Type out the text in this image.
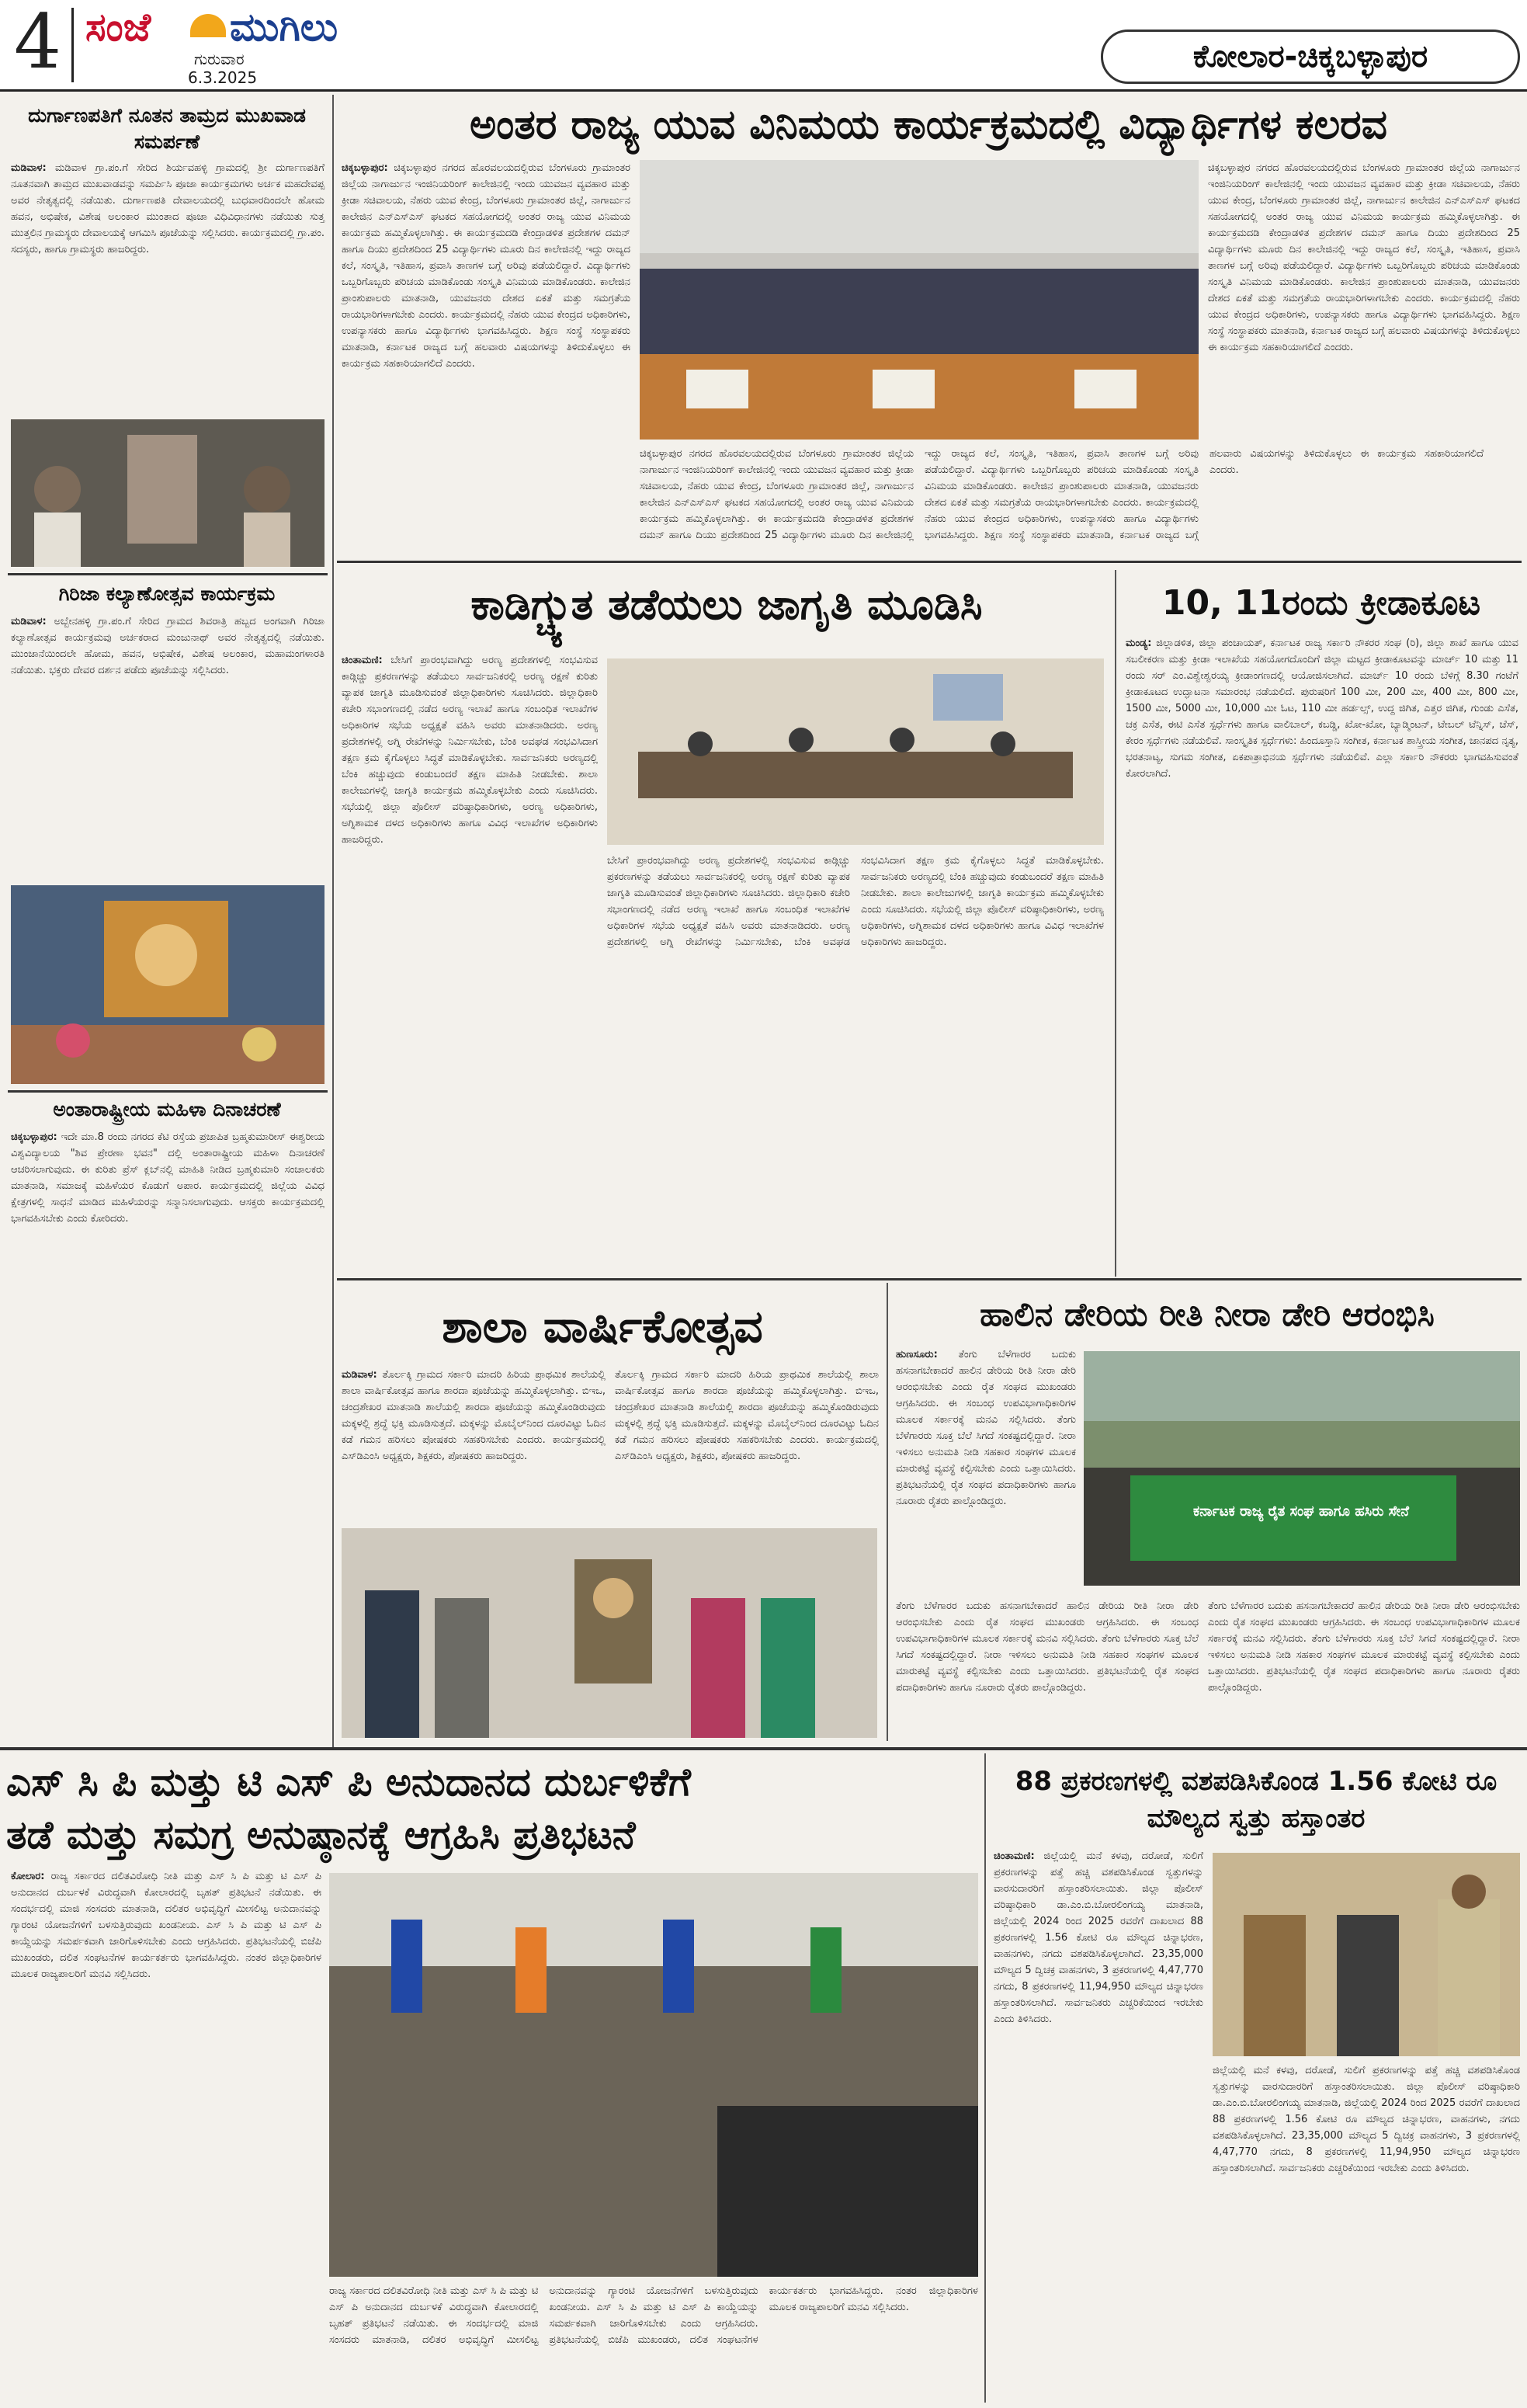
4 ಸಂಜೆ ಮುಗಿಲು
ಗುರುವಾರ
6.3.2025
ಕೋಲಾರ-ಚಿಕ್ಕಬಳ್ಳಾಪುರ
ದುರ್ಗಾಣಪತಿಗೆ ನೂತನ ತಾಮ್ರದ ಮುಖವಾಡ ಸಮರ್ಪಣೆ
ಮಡಿವಾಳ: ಮಡಿವಾಳ ಗ್ರಾ.ಪಂ.ಗೆ ಸೇರಿದ ಶಿರ್ಯವಹಳ್ಳಿ ಗ್ರಾಮದಲ್ಲಿ ಶ್ರೀ ದುರ್ಗಾಣಪತಿಗೆ ನೂತನವಾಗಿ ತಾಮ್ರದ ಮುಖವಾಡವನ್ನು ಸಮರ್ಪಿಸಿ ಪೂಜಾ ಕಾರ್ಯಕ್ರಮಗಳು ಅರ್ಚಕ ಮಹದೇವಪ್ಪ ಅವರ ನೇತೃತ್ವದಲ್ಲಿ ನಡೆಯಿತು. ದುರ್ಗಾಣಪತಿ ದೇವಾಲಯದಲ್ಲಿ ಬುಧವಾರದಿಂದಲೇ ಹೋಮ ಹವನ, ಅಭಿಷೇಕ, ವಿಶೇಷ ಅಲಂಕಾರ ಮುಂತಾದ ಪೂಜಾ ವಿಧಿವಿಧಾನಗಳು ನಡೆಯಿತು ಸುತ್ತ ಮುತ್ತಲಿನ ಗ್ರಾಮಸ್ಥರು ದೇವಾಲಯಕ್ಕೆ ಆಗಮಿಸಿ ಪೂಜೆಯನ್ನು ಸಲ್ಲಿಸಿದರು. ಕಾರ್ಯಕ್ರಮದಲ್ಲಿ ಗ್ರಾ.ಪಂ. ಸದಸ್ಯರು, ಹಾಗೂ ಗ್ರಾಮಸ್ಥರು ಹಾಜರಿದ್ದರು.
ಗಿರಿಜಾ ಕಲ್ಯಾಣೋತ್ಸವ ಕಾರ್ಯಕ್ರಮ
ಮಡಿವಾಳ: ಅಬ್ಬೇನಹಳ್ಳಿ ಗ್ರಾ.ಪಂ.ಗೆ ಸೇರಿದ ಗ್ರಾಮದ ಶಿವರಾತ್ರಿ ಹಬ್ಬದ ಅಂಗವಾಗಿ ಗಿರಿಜಾ ಕಲ್ಯಾಣೋತ್ಸವ ಕಾರ್ಯಕ್ರಮವು ಅರ್ಚಕರಾದ ಮಂಜುನಾಥ್ ಅವರ ನೇತೃತ್ವದಲ್ಲಿ ನಡೆಯಿತು. ಮುಂಜಾನೆಯಿಂದಲೇ ಹೋಮ, ಹವನ, ಅಭಿಷೇಕ, ವಿಶೇಷ ಅಲಂಕಾರ, ಮಹಾಮಂಗಳಾರತಿ ನಡೆಯಿತು. ಭಕ್ತರು ದೇವರ ದರ್ಶನ ಪಡೆದು ಪೂಜೆಯನ್ನು ಸಲ್ಲಿಸಿದರು.
ಅಂತಾರಾಷ್ಟ್ರೀಯ ಮಹಿಳಾ ದಿನಾಚರಣೆ
ಚಿಕ್ಕಬಳ್ಳಾಪುರ: ಇದೇ ಮಾ.8 ರಂದು ನಗರದ ಕೆಟಿ ರಸ್ತೆಯ ಪ್ರಜಾಪಿತ ಬ್ರಹ್ಮಕುಮಾರೀಸ್ ಈಶ್ವರೀಯ ವಿಶ್ವವಿದ್ಯಾಲಯ "ಶಿವ ಪ್ರೇರಣಾ ಭವನ" ದಲ್ಲಿ ಅಂತಾರಾಷ್ಟ್ರೀಯ ಮಹಿಳಾ ದಿನಾಚರಣೆ ಆಚರಿಸಲಾಗುವುದು. ಈ ಕುರಿತು ಪ್ರೆಸ್ ಕ್ಲಬ್‌ನಲ್ಲಿ ಮಾಹಿತಿ ನೀಡಿದ ಬ್ರಹ್ಮಕುಮಾರಿ ಸಂಚಾಲಕರು ಮಾತನಾಡಿ, ಸಮಾಜಕ್ಕೆ ಮಹಿಳೆಯರ ಕೊಡುಗೆ ಅಪಾರ. ಕಾರ್ಯಕ್ರಮದಲ್ಲಿ ಜಿಲ್ಲೆಯ ವಿವಿಧ ಕ್ಷೇತ್ರಗಳಲ್ಲಿ ಸಾಧನೆ ಮಾಡಿದ ಮಹಿಳೆಯರನ್ನು ಸನ್ಮಾನಿಸಲಾಗುವುದು. ಆಸಕ್ತರು ಕಾರ್ಯಕ್ರಮದಲ್ಲಿ ಭಾಗವಹಿಸಬೇಕು ಎಂದು ಕೋರಿದರು.
ಅಂತರ ರಾಜ್ಯ ಯುವ ವಿನಿಮಯ ಕಾರ್ಯಕ್ರಮದಲ್ಲಿ ವಿದ್ಯಾರ್ಥಿಗಳ ಕಲರವ
ಚಿಕ್ಕಬಳ್ಳಾಪುರ: ಚಿಕ್ಕಬಳ್ಳಾಪುರ ನಗರದ ಹೊರವಲಯದಲ್ಲಿರುವ ಬೆಂಗಳೂರು ಗ್ರಾಮಾಂತರ ಜಿಲ್ಲೆಯ ನಾಗಾರ್ಜುನ ಇಂಜಿನಿಯರಿಂಗ್ ಕಾಲೇಜಿನಲ್ಲಿ ಇಂದು ಯುವಜನ ವ್ಯವಹಾರ ಮತ್ತು ಕ್ರೀಡಾ ಸಚಿವಾಲಯ, ನೆಹರು ಯುವ ಕೇಂದ್ರ, ಬೆಂಗಳೂರು ಗ್ರಾಮಾಂತರ ಜಿಲ್ಲೆ, ನಾಗಾರ್ಜುನ ಕಾಲೇಜಿನ ಎನ್‌ಎಸ್‌ಎಸ್ ಘಟಕದ ಸಹಯೋಗದಲ್ಲಿ ಅಂತರ ರಾಜ್ಯ ಯುವ ವಿನಿಮಯ ಕಾರ್ಯಕ್ರಮ ಹಮ್ಮಿಕೊಳ್ಳಲಾಗಿತ್ತು. ಈ ಕಾರ್ಯಕ್ರಮದಡಿ ಕೇಂದ್ರಾಡಳಿತ ಪ್ರದೇಶಗಳ ದಮನ್ ಹಾಗೂ ದಿಯು ಪ್ರದೇಶದಿಂದ 25 ವಿದ್ಯಾರ್ಥಿಗಳು ಮೂರು ದಿನ ಕಾಲೇಜಿನಲ್ಲಿ ಇದ್ದು ರಾಜ್ಯದ ಕಲೆ, ಸಂಸ್ಕೃತಿ, ಇತಿಹಾಸ, ಪ್ರವಾಸಿ ತಾಣಗಳ ಬಗ್ಗೆ ಅರಿವು ಪಡೆಯಲಿದ್ದಾರೆ. ವಿದ್ಯಾರ್ಥಿಗಳು ಒಬ್ಬರಿಗೊಬ್ಬರು ಪರಿಚಯ ಮಾಡಿಕೊಂಡು ಸಂಸ್ಕೃತಿ ವಿನಿಮಯ ಮಾಡಿಕೊಂಡರು. ಕಾಲೇಜಿನ ಪ್ರಾಂಶುಪಾಲರು ಮಾತನಾಡಿ, ಯುವಜನರು ದೇಶದ ಏಕತೆ ಮತ್ತು ಸಮಗ್ರತೆಯ ರಾಯಭಾರಿಗಳಾಗಬೇಕು ಎಂದರು. ಕಾರ್ಯಕ್ರಮದಲ್ಲಿ ನೆಹರು ಯುವ ಕೇಂದ್ರದ ಅಧಿಕಾರಿಗಳು, ಉಪನ್ಯಾಸಕರು ಹಾಗೂ ವಿದ್ಯಾರ್ಥಿಗಳು ಭಾಗವಹಿಸಿದ್ದರು. ಶಿಕ್ಷಣ ಸಂಸ್ಥೆ ಸಂಸ್ಥಾಪಕರು ಮಾತನಾಡಿ, ಕರ್ನಾಟಕ ರಾಜ್ಯದ ಬಗ್ಗೆ ಹಲವಾರು ವಿಷಯಗಳನ್ನು ತಿಳಿದುಕೊಳ್ಳಲು ಈ ಕಾರ್ಯಕ್ರಮ ಸಹಕಾರಿಯಾಗಲಿದೆ ಎಂದರು.
ಚಿಕ್ಕಬಳ್ಳಾಪುರ ನಗರದ ಹೊರವಲಯದಲ್ಲಿರುವ ಬೆಂಗಳೂರು ಗ್ರಾಮಾಂತರ ಜಿಲ್ಲೆಯ ನಾಗಾರ್ಜುನ ಇಂಜಿನಿಯರಿಂಗ್ ಕಾಲೇಜಿನಲ್ಲಿ ಇಂದು ಯುವಜನ ವ್ಯವಹಾರ ಮತ್ತು ಕ್ರೀಡಾ ಸಚಿವಾಲಯ, ನೆಹರು ಯುವ ಕೇಂದ್ರ, ಬೆಂಗಳೂರು ಗ್ರಾಮಾಂತರ ಜಿಲ್ಲೆ, ನಾಗಾರ್ಜುನ ಕಾಲೇಜಿನ ಎನ್‌ಎಸ್‌ಎಸ್ ಘಟಕದ ಸಹಯೋಗದಲ್ಲಿ ಅಂತರ ರಾಜ್ಯ ಯುವ ವಿನಿಮಯ ಕಾರ್ಯಕ್ರಮ ಹಮ್ಮಿಕೊಳ್ಳಲಾಗಿತ್ತು. ಈ ಕಾರ್ಯಕ್ರಮದಡಿ ಕೇಂದ್ರಾಡಳಿತ ಪ್ರದೇಶಗಳ ದಮನ್ ಹಾಗೂ ದಿಯು ಪ್ರದೇಶದಿಂದ 25 ವಿದ್ಯಾರ್ಥಿಗಳು ಮೂರು ದಿನ ಕಾಲೇಜಿನಲ್ಲಿ ಇದ್ದು ರಾಜ್ಯದ ಕಲೆ, ಸಂಸ್ಕೃತಿ, ಇತಿಹಾಸ, ಪ್ರವಾಸಿ ತಾಣಗಳ ಬಗ್ಗೆ ಅರಿವು ಪಡೆಯಲಿದ್ದಾರೆ. ವಿದ್ಯಾರ್ಥಿಗಳು ಒಬ್ಬರಿಗೊಬ್ಬರು ಪರಿಚಯ ಮಾಡಿಕೊಂಡು ಸಂಸ್ಕೃತಿ ವಿನಿಮಯ ಮಾಡಿಕೊಂಡರು. ಕಾಲೇಜಿನ ಪ್ರಾಂಶುಪಾಲರು ಮಾತನಾಡಿ, ಯುವಜನರು ದೇಶದ ಏಕತೆ ಮತ್ತು ಸಮಗ್ರತೆಯ ರಾಯಭಾರಿಗಳಾಗಬೇಕು ಎಂದರು. ಕಾರ್ಯಕ್ರಮದಲ್ಲಿ ನೆಹರು ಯುವ ಕೇಂದ್ರದ ಅಧಿಕಾರಿಗಳು, ಉಪನ್ಯಾಸಕರು ಹಾಗೂ ವಿದ್ಯಾರ್ಥಿಗಳು ಭಾಗವಹಿಸಿದ್ದರು. ಶಿಕ್ಷಣ ಸಂಸ್ಥೆ ಸಂಸ್ಥಾಪಕರು ಮಾತನಾಡಿ, ಕರ್ನಾಟಕ ರಾಜ್ಯದ ಬಗ್ಗೆ ಹಲವಾರು ವಿಷಯಗಳನ್ನು ತಿಳಿದುಕೊಳ್ಳಲು ಈ ಕಾರ್ಯಕ್ರಮ ಸಹಕಾರಿಯಾಗಲಿದೆ ಎಂದರು.
ಚಿಕ್ಕಬಳ್ಳಾಪುರ ನಗರದ ಹೊರವಲಯದಲ್ಲಿರುವ ಬೆಂಗಳೂರು ಗ್ರಾಮಾಂತರ ಜಿಲ್ಲೆಯ ನಾಗಾರ್ಜುನ ಇಂಜಿನಿಯರಿಂಗ್ ಕಾಲೇಜಿನಲ್ಲಿ ಇಂದು ಯುವಜನ ವ್ಯವಹಾರ ಮತ್ತು ಕ್ರೀಡಾ ಸಚಿವಾಲಯ, ನೆಹರು ಯುವ ಕೇಂದ್ರ, ಬೆಂಗಳೂರು ಗ್ರಾಮಾಂತರ ಜಿಲ್ಲೆ, ನಾಗಾರ್ಜುನ ಕಾಲೇಜಿನ ಎನ್‌ಎಸ್‌ಎಸ್ ಘಟಕದ ಸಹಯೋಗದಲ್ಲಿ ಅಂತರ ರಾಜ್ಯ ಯುವ ವಿನಿಮಯ ಕಾರ್ಯಕ್ರಮ ಹಮ್ಮಿಕೊಳ್ಳಲಾಗಿತ್ತು. ಈ ಕಾರ್ಯಕ್ರಮದಡಿ ಕೇಂದ್ರಾಡಳಿತ ಪ್ರದೇಶಗಳ ದಮನ್ ಹಾಗೂ ದಿಯು ಪ್ರದೇಶದಿಂದ 25 ವಿದ್ಯಾರ್ಥಿಗಳು ಮೂರು ದಿನ ಕಾಲೇಜಿನಲ್ಲಿ ಇದ್ದು ರಾಜ್ಯದ ಕಲೆ, ಸಂಸ್ಕೃತಿ, ಇತಿಹಾಸ, ಪ್ರವಾಸಿ ತಾಣಗಳ ಬಗ್ಗೆ ಅರಿವು ಪಡೆಯಲಿದ್ದಾರೆ. ವಿದ್ಯಾರ್ಥಿಗಳು ಒಬ್ಬರಿಗೊಬ್ಬರು ಪರಿಚಯ ಮಾಡಿಕೊಂಡು ಸಂಸ್ಕೃತಿ ವಿನಿಮಯ ಮಾಡಿಕೊಂಡರು. ಕಾಲೇಜಿನ ಪ್ರಾಂಶುಪಾಲರು ಮಾತನಾಡಿ, ಯುವಜನರು ದೇಶದ ಏಕತೆ ಮತ್ತು ಸಮಗ್ರತೆಯ ರಾಯಭಾರಿಗಳಾಗಬೇಕು ಎಂದರು. ಕಾರ್ಯಕ್ರಮದಲ್ಲಿ ನೆಹರು ಯುವ ಕೇಂದ್ರದ ಅಧಿಕಾರಿಗಳು, ಉಪನ್ಯಾಸಕರು ಹಾಗೂ ವಿದ್ಯಾರ್ಥಿಗಳು ಭಾಗವಹಿಸಿದ್ದರು. ಶಿಕ್ಷಣ ಸಂಸ್ಥೆ ಸಂಸ್ಥಾಪಕರು ಮಾತನಾಡಿ, ಕರ್ನಾಟಕ ರಾಜ್ಯದ ಬಗ್ಗೆ ಹಲವಾರು ವಿಷಯಗಳನ್ನು ತಿಳಿದುಕೊಳ್ಳಲು ಈ ಕಾರ್ಯಕ್ರಮ ಸಹಕಾರಿಯಾಗಲಿದೆ ಎಂದರು.
ಕಾಡಿಗ್ಚ್ಯುತ ತಡೆಯಲು ಜಾಗೃತಿ ಮೂಡಿಸಿ
ಚಿಂತಾಮಣಿ: ಬೇಸಿಗೆ ಪ್ರಾರಂಭವಾಗಿದ್ದು ಅರಣ್ಯ ಪ್ರದೇಶಗಳಲ್ಲಿ ಸಂಭವಿಸುವ ಕಾಡ್ಗಿಚ್ಚು ಪ್ರಕರಣಗಳನ್ನು ತಡೆಯಲು ಸಾರ್ವಜನಿಕರಲ್ಲಿ ಅರಣ್ಯ ರಕ್ಷಣೆ ಕುರಿತು ವ್ಯಾಪಕ ಜಾಗೃತಿ ಮೂಡಿಸುವಂತೆ ಜಿಲ್ಲಾಧಿಕಾರಿಗಳು ಸೂಚಿಸಿದರು. ಜಿಲ್ಲಾಧಿಕಾರಿ ಕಚೇರಿ ಸಭಾಂಗಣದಲ್ಲಿ ನಡೆದ ಅರಣ್ಯ ಇಲಾಖೆ ಹಾಗೂ ಸಂಬಂಧಿತ ಇಲಾಖೆಗಳ ಅಧಿಕಾರಿಗಳ ಸಭೆಯ ಅಧ್ಯಕ್ಷತೆ ವಹಿಸಿ ಅವರು ಮಾತನಾಡಿದರು. ಅರಣ್ಯ ಪ್ರದೇಶಗಳಲ್ಲಿ ಅಗ್ನಿ ರೇಖೆಗಳನ್ನು ನಿರ್ಮಿಸಬೇಕು, ಬೆಂಕಿ ಅವಘಡ ಸಂಭವಿಸಿದಾಗ ತಕ್ಷಣ ಕ್ರಮ ಕೈಗೊಳ್ಳಲು ಸಿದ್ಧತೆ ಮಾಡಿಕೊಳ್ಳಬೇಕು. ಸಾರ್ವಜನಿಕರು ಅರಣ್ಯದಲ್ಲಿ ಬೆಂಕಿ ಹಚ್ಚುವುದು ಕಂಡುಬಂದರೆ ತಕ್ಷಣ ಮಾಹಿತಿ ನೀಡಬೇಕು. ಶಾಲಾ ಕಾಲೇಜುಗಳಲ್ಲಿ ಜಾಗೃತಿ ಕಾರ್ಯಕ್ರಮ ಹಮ್ಮಿಕೊಳ್ಳಬೇಕು ಎಂದು ಸೂಚಿಸಿದರು. ಸಭೆಯಲ್ಲಿ ಜಿಲ್ಲಾ ಪೊಲೀಸ್ ವರಿಷ್ಠಾಧಿಕಾರಿಗಳು, ಅರಣ್ಯ ಅಧಿಕಾರಿಗಳು, ಅಗ್ನಿಶಾಮಕ ದಳದ ಅಧಿಕಾರಿಗಳು ಹಾಗೂ ವಿವಿಧ ಇಲಾಖೆಗಳ ಅಧಿಕಾರಿಗಳು ಹಾಜರಿದ್ದರು.
ಬೇಸಿಗೆ ಪ್ರಾರಂಭವಾಗಿದ್ದು ಅರಣ್ಯ ಪ್ರದೇಶಗಳಲ್ಲಿ ಸಂಭವಿಸುವ ಕಾಡ್ಗಿಚ್ಚು ಪ್ರಕರಣಗಳನ್ನು ತಡೆಯಲು ಸಾರ್ವಜನಿಕರಲ್ಲಿ ಅರಣ್ಯ ರಕ್ಷಣೆ ಕುರಿತು ವ್ಯಾಪಕ ಜಾಗೃತಿ ಮೂಡಿಸುವಂತೆ ಜಿಲ್ಲಾಧಿಕಾರಿಗಳು ಸೂಚಿಸಿದರು. ಜಿಲ್ಲಾಧಿಕಾರಿ ಕಚೇರಿ ಸಭಾಂಗಣದಲ್ಲಿ ನಡೆದ ಅರಣ್ಯ ಇಲಾಖೆ ಹಾಗೂ ಸಂಬಂಧಿತ ಇಲಾಖೆಗಳ ಅಧಿಕಾರಿಗಳ ಸಭೆಯ ಅಧ್ಯಕ್ಷತೆ ವಹಿಸಿ ಅವರು ಮಾತನಾಡಿದರು. ಅರಣ್ಯ ಪ್ರದೇಶಗಳಲ್ಲಿ ಅಗ್ನಿ ರೇಖೆಗಳನ್ನು ನಿರ್ಮಿಸಬೇಕು, ಬೆಂಕಿ ಅವಘಡ ಸಂಭವಿಸಿದಾಗ ತಕ್ಷಣ ಕ್ರಮ ಕೈಗೊಳ್ಳಲು ಸಿದ್ಧತೆ ಮಾಡಿಕೊಳ್ಳಬೇಕು. ಸಾರ್ವಜನಿಕರು ಅರಣ್ಯದಲ್ಲಿ ಬೆಂಕಿ ಹಚ್ಚುವುದು ಕಂಡುಬಂದರೆ ತಕ್ಷಣ ಮಾಹಿತಿ ನೀಡಬೇಕು. ಶಾಲಾ ಕಾಲೇಜುಗಳಲ್ಲಿ ಜಾಗೃತಿ ಕಾರ್ಯಕ್ರಮ ಹಮ್ಮಿಕೊಳ್ಳಬೇಕು ಎಂದು ಸೂಚಿಸಿದರು. ಸಭೆಯಲ್ಲಿ ಜಿಲ್ಲಾ ಪೊಲೀಸ್ ವರಿಷ್ಠಾಧಿಕಾರಿಗಳು, ಅರಣ್ಯ ಅಧಿಕಾರಿಗಳು, ಅಗ್ನಿಶಾಮಕ ದಳದ ಅಧಿಕಾರಿಗಳು ಹಾಗೂ ವಿವಿಧ ಇಲಾಖೆಗಳ ಅಧಿಕಾರಿಗಳು ಹಾಜರಿದ್ದರು.
10, 11ರಂದು ಕ್ರೀಡಾಕೂಟ
ಮಂಡ್ಯ: ಜಿಲ್ಲಾಡಳಿತ, ಜಿಲ್ಲಾ ಪಂಚಾಯತ್, ಕರ್ನಾಟಕ ರಾಜ್ಯ ಸರ್ಕಾರಿ ನೌಕರರ ಸಂಘ (ರಿ), ಜಿಲ್ಲಾ ಶಾಖೆ ಹಾಗೂ ಯುವ ಸಬಲೀಕರಣ ಮತ್ತು ಕ್ರೀಡಾ ಇಲಾಖೆಯ ಸಹಯೋಗದೊಂದಿಗೆ ಜಿಲ್ಲಾ ಮಟ್ಟದ ಕ್ರೀಡಾಕೂಟವನ್ನು ಮಾರ್ಚ್ 10 ಮತ್ತು 11 ರಂದು ಸರ್‌ ಎಂ.ವಿಶ್ವೇಶ್ವರಯ್ಯ ಕ್ರೀಡಾಂಗಣದಲ್ಲಿ ಆಯೋಜಿಸಲಾಗಿದೆ. ಮಾರ್ಚ್ 10 ರಂದು ಬೆಳಿಗ್ಗೆ 8.30 ಗಂಟೆಗೆ ಕ್ರೀಡಾಕೂಟದ ಉದ್ಘಾಟನಾ ಸಮಾರಂಭ ನಡೆಯಲಿದೆ. ಪುರುಷರಿಗೆ 100 ಮೀ, 200 ಮೀ, 400 ಮೀ, 800 ಮೀ, 1500 ಮೀ, 5000 ಮೀ, 10,000 ಮೀ ಓಟ, 110 ಮೀ ಹರ್ಡಲ್ಸ್, ಉದ್ದ ಜಿಗಿತ, ಎತ್ತರ ಜಿಗಿತ, ಗುಂಡು ಎಸೆತ, ಚಕ್ರ ಎಸೆತ, ಈಟಿ ಎಸೆತ ಸ್ಪರ್ಧೆಗಳು ಹಾಗೂ ವಾಲಿಬಾಲ್, ಕಬಡ್ಡಿ, ಖೋ-ಖೋ, ಬ್ಯಾಡ್ಮಿಂಟನ್, ಟೇಬಲ್ ಟೆನ್ನಿಸ್, ಚೆಸ್, ಕೇರಂ ಸ್ಪರ್ಧೆಗಳು ನಡೆಯಲಿವೆ. ಸಾಂಸ್ಕೃತಿಕ ಸ್ಪರ್ಧೆಗಳು: ಹಿಂದೂಸ್ತಾನಿ ಸಂಗೀತ, ಕರ್ನಾಟಕ ಶಾಸ್ತ್ರೀಯ ಸಂಗೀತ, ಜಾನಪದ ನೃತ್ಯ, ಭರತನಾಟ್ಯ, ಸುಗಮ ಸಂಗೀತ, ಏಕಪಾತ್ರಾಭಿನಯ ಸ್ಪರ್ಧೆಗಳು ನಡೆಯಲಿವೆ. ಎಲ್ಲಾ ಸರ್ಕಾರಿ ನೌಕರರು ಭಾಗವಹಿಸುವಂತೆ ಕೋರಲಾಗಿದೆ.
ಶಾಲಾ ವಾರ್ಷಿಕೋತ್ಸವ
ಮಡಿವಾಳ: ತೊರ್ಲಕ್ಕಿ ಗ್ರಾಮದ ಸರ್ಕಾರಿ ಮಾದರಿ ಹಿರಿಯ ಪ್ರಾಥಮಿಕ ಶಾಲೆಯಲ್ಲಿ ಶಾಲಾ ವಾರ್ಷಿಕೋತ್ಸವ ಹಾಗೂ ಶಾರದಾ ಪೂಜೆಯನ್ನು ಹಮ್ಮಿಕೊಳ್ಳಲಾಗಿತ್ತು. ಬಿಇಒ, ಚಂದ್ರಶೇಖರ ಮಾತನಾಡಿ ಶಾಲೆಯಲ್ಲಿ ಶಾರದಾ ಪೂಜೆಯನ್ನು ಹಮ್ಮಿಕೊಂಡಿರುವುದು ಮಕ್ಕಳಲ್ಲಿ ಶ್ರದ್ಧೆ ಭಕ್ತಿ ಮೂಡಿಸುತ್ತದೆ. ಮಕ್ಕಳನ್ನು ಮೊಬೈಲ್‌ನಿಂದ ದೂರವಿಟ್ಟು ಓದಿನ ಕಡೆ ಗಮನ ಹರಿಸಲು ಪೋಷಕರು ಸಹಕರಿಸಬೇಕು ಎಂದರು. ಕಾರ್ಯಕ್ರಮದಲ್ಲಿ ಎಸ್‌ಡಿಎಂಸಿ ಅಧ್ಯಕ್ಷರು, ಶಿಕ್ಷಕರು, ಪೋಷಕರು ಹಾಜರಿದ್ದರು.
ತೊರ್ಲಕ್ಕಿ ಗ್ರಾಮದ ಸರ್ಕಾರಿ ಮಾದರಿ ಹಿರಿಯ ಪ್ರಾಥಮಿಕ ಶಾಲೆಯಲ್ಲಿ ಶಾಲಾ ವಾರ್ಷಿಕೋತ್ಸವ ಹಾಗೂ ಶಾರದಾ ಪೂಜೆಯನ್ನು ಹಮ್ಮಿಕೊಳ್ಳಲಾಗಿತ್ತು. ಬಿಇಒ, ಚಂದ್ರಶೇಖರ ಮಾತನಾಡಿ ಶಾಲೆಯಲ್ಲಿ ಶಾರದಾ ಪೂಜೆಯನ್ನು ಹಮ್ಮಿಕೊಂಡಿರುವುದು ಮಕ್ಕಳಲ್ಲಿ ಶ್ರದ್ಧೆ ಭಕ್ತಿ ಮೂಡಿಸುತ್ತದೆ. ಮಕ್ಕಳನ್ನು ಮೊಬೈಲ್‌ನಿಂದ ದೂರವಿಟ್ಟು ಓದಿನ ಕಡೆ ಗಮನ ಹರಿಸಲು ಪೋಷಕರು ಸಹಕರಿಸಬೇಕು ಎಂದರು. ಕಾರ್ಯಕ್ರಮದಲ್ಲಿ ಎಸ್‌ಡಿಎಂಸಿ ಅಧ್ಯಕ್ಷರು, ಶಿಕ್ಷಕರು, ಪೋಷಕರು ಹಾಜರಿದ್ದರು.
ಹಾಲಿನ ಡೇರಿಯ ರೀತಿ ನೀರಾ ಡೇರಿ ಆರಂಭಿಸಿ
ಹುಣಸೂರು: ತೆಂಗು ಬೆಳೆಗಾರರ ಬದುಕು ಹಸನಾಗಬೇಕಾದರೆ ಹಾಲಿನ ಡೇರಿಯ ರೀತಿ ನೀರಾ ಡೇರಿ ಆರಂಭಿಸಬೇಕು ಎಂದು ರೈತ ಸಂಘದ ಮುಖಂಡರು ಆಗ್ರಹಿಸಿದರು. ಈ ಸಂಬಂಧ ಉಪವಿಭಾಗಾಧಿಕಾರಿಗಳ ಮೂಲಕ ಸರ್ಕಾರಕ್ಕೆ ಮನವಿ ಸಲ್ಲಿಸಿದರು. ತೆಂಗು ಬೆಳೆಗಾರರು ಸೂಕ್ತ ಬೆಲೆ ಸಿಗದೆ ಸಂಕಷ್ಟದಲ್ಲಿದ್ದಾರೆ. ನೀರಾ ಇಳಿಸಲು ಅನುಮತಿ ನೀಡಿ ಸಹಕಾರ ಸಂಘಗಳ ಮೂಲಕ ಮಾರುಕಟ್ಟೆ ವ್ಯವಸ್ಥೆ ಕಲ್ಪಿಸಬೇಕು ಎಂದು ಒತ್ತಾಯಿಸಿದರು. ಪ್ರತಿಭಟನೆಯಲ್ಲಿ ರೈತ ಸಂಘದ ಪದಾಧಿಕಾರಿಗಳು ಹಾಗೂ ನೂರಾರು ರೈತರು ಪಾಲ್ಗೊಂಡಿದ್ದರು.
ಕರ್ನಾಟಕ ರಾಜ್ಯ ರೈತ ಸಂಘ ಹಾಗೂ ಹಸಿರು ಸೇನೆ
ತೆಂಗು ಬೆಳೆಗಾರರ ಬದುಕು ಹಸನಾಗಬೇಕಾದರೆ ಹಾಲಿನ ಡೇರಿಯ ರೀತಿ ನೀರಾ ಡೇರಿ ಆರಂಭಿಸಬೇಕು ಎಂದು ರೈತ ಸಂಘದ ಮುಖಂಡರು ಆಗ್ರಹಿಸಿದರು. ಈ ಸಂಬಂಧ ಉಪವಿಭಾಗಾಧಿಕಾರಿಗಳ ಮೂಲಕ ಸರ್ಕಾರಕ್ಕೆ ಮನವಿ ಸಲ್ಲಿಸಿದರು. ತೆಂಗು ಬೆಳೆಗಾರರು ಸೂಕ್ತ ಬೆಲೆ ಸಿಗದೆ ಸಂಕಷ್ಟದಲ್ಲಿದ್ದಾರೆ. ನೀರಾ ಇಳಿಸಲು ಅನುಮತಿ ನೀಡಿ ಸಹಕಾರ ಸಂಘಗಳ ಮೂಲಕ ಮಾರುಕಟ್ಟೆ ವ್ಯವಸ್ಥೆ ಕಲ್ಪಿಸಬೇಕು ಎಂದು ಒತ್ತಾಯಿಸಿದರು. ಪ್ರತಿಭಟನೆಯಲ್ಲಿ ರೈತ ಸಂಘದ ಪದಾಧಿಕಾರಿಗಳು ಹಾಗೂ ನೂರಾರು ರೈತರು ಪಾಲ್ಗೊಂಡಿದ್ದರು.
ತೆಂಗು ಬೆಳೆಗಾರರ ಬದುಕು ಹಸನಾಗಬೇಕಾದರೆ ಹಾಲಿನ ಡೇರಿಯ ರೀತಿ ನೀರಾ ಡೇರಿ ಆರಂಭಿಸಬೇಕು ಎಂದು ರೈತ ಸಂಘದ ಮುಖಂಡರು ಆಗ್ರಹಿಸಿದರು. ಈ ಸಂಬಂಧ ಉಪವಿಭಾಗಾಧಿಕಾರಿಗಳ ಮೂಲಕ ಸರ್ಕಾರಕ್ಕೆ ಮನವಿ ಸಲ್ಲಿಸಿದರು. ತೆಂಗು ಬೆಳೆಗಾರರು ಸೂಕ್ತ ಬೆಲೆ ಸಿಗದೆ ಸಂಕಷ್ಟದಲ್ಲಿದ್ದಾರೆ. ನೀರಾ ಇಳಿಸಲು ಅನುಮತಿ ನೀಡಿ ಸಹಕಾರ ಸಂಘಗಳ ಮೂಲಕ ಮಾರುಕಟ್ಟೆ ವ್ಯವಸ್ಥೆ ಕಲ್ಪಿಸಬೇಕು ಎಂದು ಒತ್ತಾಯಿಸಿದರು. ಪ್ರತಿಭಟನೆಯಲ್ಲಿ ರೈತ ಸಂಘದ ಪದಾಧಿಕಾರಿಗಳು ಹಾಗೂ ನೂರಾರು ರೈತರು ಪಾಲ್ಗೊಂಡಿದ್ದರು.
ಎಸ್ ಸಿ ಪಿ ಮತ್ತು ಟಿ ಎಸ್ ಪಿ ಅನುದಾನದ ದುರ್ಬಳಿಕೆಗೆ
ತಡೆ ಮತ್ತು ಸಮಗ್ರ ಅನುಷ್ಠಾನಕ್ಕೆ ಆಗ್ರಹಿಸಿ ಪ್ರತಿಭಟನೆ
ಕೋಲಾರ: ರಾಜ್ಯ ಸರ್ಕಾರದ ದಲಿತವಿರೋಧಿ ನೀತಿ ಮತ್ತು ಎಸ್ ಸಿ ಪಿ ಮತ್ತು ಟಿ ಎಸ್ ಪಿ ಅನುದಾನದ ದುರ್ಬಳಕೆ ವಿರುದ್ಧವಾಗಿ ಕೋಲಾರದಲ್ಲಿ ಬೃಹತ್ ಪ್ರತಿಭಟನೆ ನಡೆಯಿತು. ಈ ಸಂದರ್ಭದಲ್ಲಿ ಮಾಜಿ ಸಂಸದರು ಮಾತನಾಡಿ, ದಲಿತರ ಅಭಿವೃದ್ಧಿಗೆ ಮೀಸಲಿಟ್ಟ ಅನುದಾನವನ್ನು ಗ್ಯಾರಂಟಿ ಯೋಜನೆಗಳಿಗೆ ಬಳಸುತ್ತಿರುವುದು ಖಂಡನೀಯ. ಎಸ್ ಸಿ ಪಿ ಮತ್ತು ಟಿ ಎಸ್ ಪಿ ಕಾಯ್ದೆಯನ್ನು ಸಮರ್ಪಕವಾಗಿ ಜಾರಿಗೊಳಿಸಬೇಕು ಎಂದು ಆಗ್ರಹಿಸಿದರು. ಪ್ರತಿಭಟನೆಯಲ್ಲಿ ಬಿಜೆಪಿ ಮುಖಂಡರು, ದಲಿತ ಸಂಘಟನೆಗಳ ಕಾರ್ಯಕರ್ತರು ಭಾಗವಹಿಸಿದ್ದರು. ನಂತರ ಜಿಲ್ಲಾಧಿಕಾರಿಗಳ ಮೂಲಕ ರಾಜ್ಯಪಾಲರಿಗೆ ಮನವಿ ಸಲ್ಲಿಸಿದರು.
ರಾಜ್ಯ ಸರ್ಕಾರದ ದಲಿತವಿರೋಧಿ ನೀತಿ ಮತ್ತು ಎಸ್ ಸಿ ಪಿ ಮತ್ತು ಟಿ ಎಸ್ ಪಿ ಅನುದಾನದ ದುರ್ಬಳಕೆ ವಿರುದ್ಧವಾಗಿ ಕೋಲಾರದಲ್ಲಿ ಬೃಹತ್ ಪ್ರತಿಭಟನೆ ನಡೆಯಿತು. ಈ ಸಂದರ್ಭದಲ್ಲಿ ಮಾಜಿ ಸಂಸದರು ಮಾತನಾಡಿ, ದಲಿತರ ಅಭಿವೃದ್ಧಿಗೆ ಮೀಸಲಿಟ್ಟ ಅನುದಾನವನ್ನು ಗ್ಯಾರಂಟಿ ಯೋಜನೆಗಳಿಗೆ ಬಳಸುತ್ತಿರುವುದು ಖಂಡನೀಯ. ಎಸ್ ಸಿ ಪಿ ಮತ್ತು ಟಿ ಎಸ್ ಪಿ ಕಾಯ್ದೆಯನ್ನು ಸಮರ್ಪಕವಾಗಿ ಜಾರಿಗೊಳಿಸಬೇಕು ಎಂದು ಆಗ್ರಹಿಸಿದರು. ಪ್ರತಿಭಟನೆಯಲ್ಲಿ ಬಿಜೆಪಿ ಮುಖಂಡರು, ದಲಿತ ಸಂಘಟನೆಗಳ ಕಾರ್ಯಕರ್ತರು ಭಾಗವಹಿಸಿದ್ದರು. ನಂತರ ಜಿಲ್ಲಾಧಿಕಾರಿಗಳ ಮೂಲಕ ರಾಜ್ಯಪಾಲರಿಗೆ ಮನವಿ ಸಲ್ಲಿಸಿದರು.
88 ಪ್ರಕರಣಗಳಲ್ಲಿ ವಶಪಡಿಸಿಕೊಂಡ 1.56 ಕೋಟಿ ರೂ ಮೌಲ್ಯದ ಸ್ವತ್ತು ಹಸ್ತಾಂತರ
ಚಿಂತಾಮಣಿ: ಜಿಲ್ಲೆಯಲ್ಲಿ ಮನೆ ಕಳವು, ದರೋಡೆ, ಸುಲಿಗೆ ಪ್ರಕರಣಗಳನ್ನು ಪತ್ತೆ ಹಚ್ಚಿ ವಶಪಡಿಸಿಕೊಂಡ ಸ್ವತ್ತುಗಳನ್ನು ವಾರಸುದಾರರಿಗೆ ಹಸ್ತಾಂತರಿಸಲಾಯಿತು. ಜಿಲ್ಲಾ ಪೊಲೀಸ್ ವರಿಷ್ಠಾಧಿಕಾರಿ ಡಾ.ಎಂ.ಬಿ.ಬೋರಲಿಂಗಯ್ಯ ಮಾತನಾಡಿ, ಜಿಲ್ಲೆಯಲ್ಲಿ 2024 ರಿಂದ 2025 ರವರೆಗೆ ದಾಖಲಾದ 88 ಪ್ರಕರಣಗಳಲ್ಲಿ 1.56 ಕೋಟಿ ರೂ ಮೌಲ್ಯದ ಚಿನ್ನಾಭರಣ, ವಾಹನಗಳು, ನಗದು ವಶಪಡಿಸಿಕೊಳ್ಳಲಾಗಿದೆ. 23,35,000 ಮೌಲ್ಯದ 5 ದ್ವಿಚಕ್ರ ವಾಹನಗಳು, 3 ಪ್ರಕರಣಗಳಲ್ಲಿ 4,47,770 ನಗದು, 8 ಪ್ರಕರಣಗಳಲ್ಲಿ 11,94,950 ಮೌಲ್ಯದ ಚಿನ್ನಾಭರಣ ಹಸ್ತಾಂತರಿಸಲಾಗಿದೆ. ಸಾರ್ವಜನಿಕರು ಎಚ್ಚರಿಕೆಯಿಂದ ಇರಬೇಕು ಎಂದು ತಿಳಿಸಿದರು.
ಜಿಲ್ಲೆಯಲ್ಲಿ ಮನೆ ಕಳವು, ದರೋಡೆ, ಸುಲಿಗೆ ಪ್ರಕರಣಗಳನ್ನು ಪತ್ತೆ ಹಚ್ಚಿ ವಶಪಡಿಸಿಕೊಂಡ ಸ್ವತ್ತುಗಳನ್ನು ವಾರಸುದಾರರಿಗೆ ಹಸ್ತಾಂತರಿಸಲಾಯಿತು. ಜಿಲ್ಲಾ ಪೊಲೀಸ್ ವರಿಷ್ಠಾಧಿಕಾರಿ ಡಾ.ಎಂ.ಬಿ.ಬೋರಲಿಂಗಯ್ಯ ಮಾತನಾಡಿ, ಜಿಲ್ಲೆಯಲ್ಲಿ 2024 ರಿಂದ 2025 ರವರೆಗೆ ದಾಖಲಾದ 88 ಪ್ರಕರಣಗಳಲ್ಲಿ 1.56 ಕೋಟಿ ರೂ ಮೌಲ್ಯದ ಚಿನ್ನಾಭರಣ, ವಾಹನಗಳು, ನಗದು ವಶಪಡಿಸಿಕೊಳ್ಳಲಾಗಿದೆ. 23,35,000 ಮೌಲ್ಯದ 5 ದ್ವಿಚಕ್ರ ವಾಹನಗಳು, 3 ಪ್ರಕರಣಗಳಲ್ಲಿ 4,47,770 ನಗದು, 8 ಪ್ರಕರಣಗಳಲ್ಲಿ 11,94,950 ಮೌಲ್ಯದ ಚಿನ್ನಾಭರಣ ಹಸ್ತಾಂತರಿಸಲಾಗಿದೆ. ಸಾರ್ವಜನಿಕರು ಎಚ್ಚರಿಕೆಯಿಂದ ಇರಬೇಕು ಎಂದು ತಿಳಿಸಿದರು.
